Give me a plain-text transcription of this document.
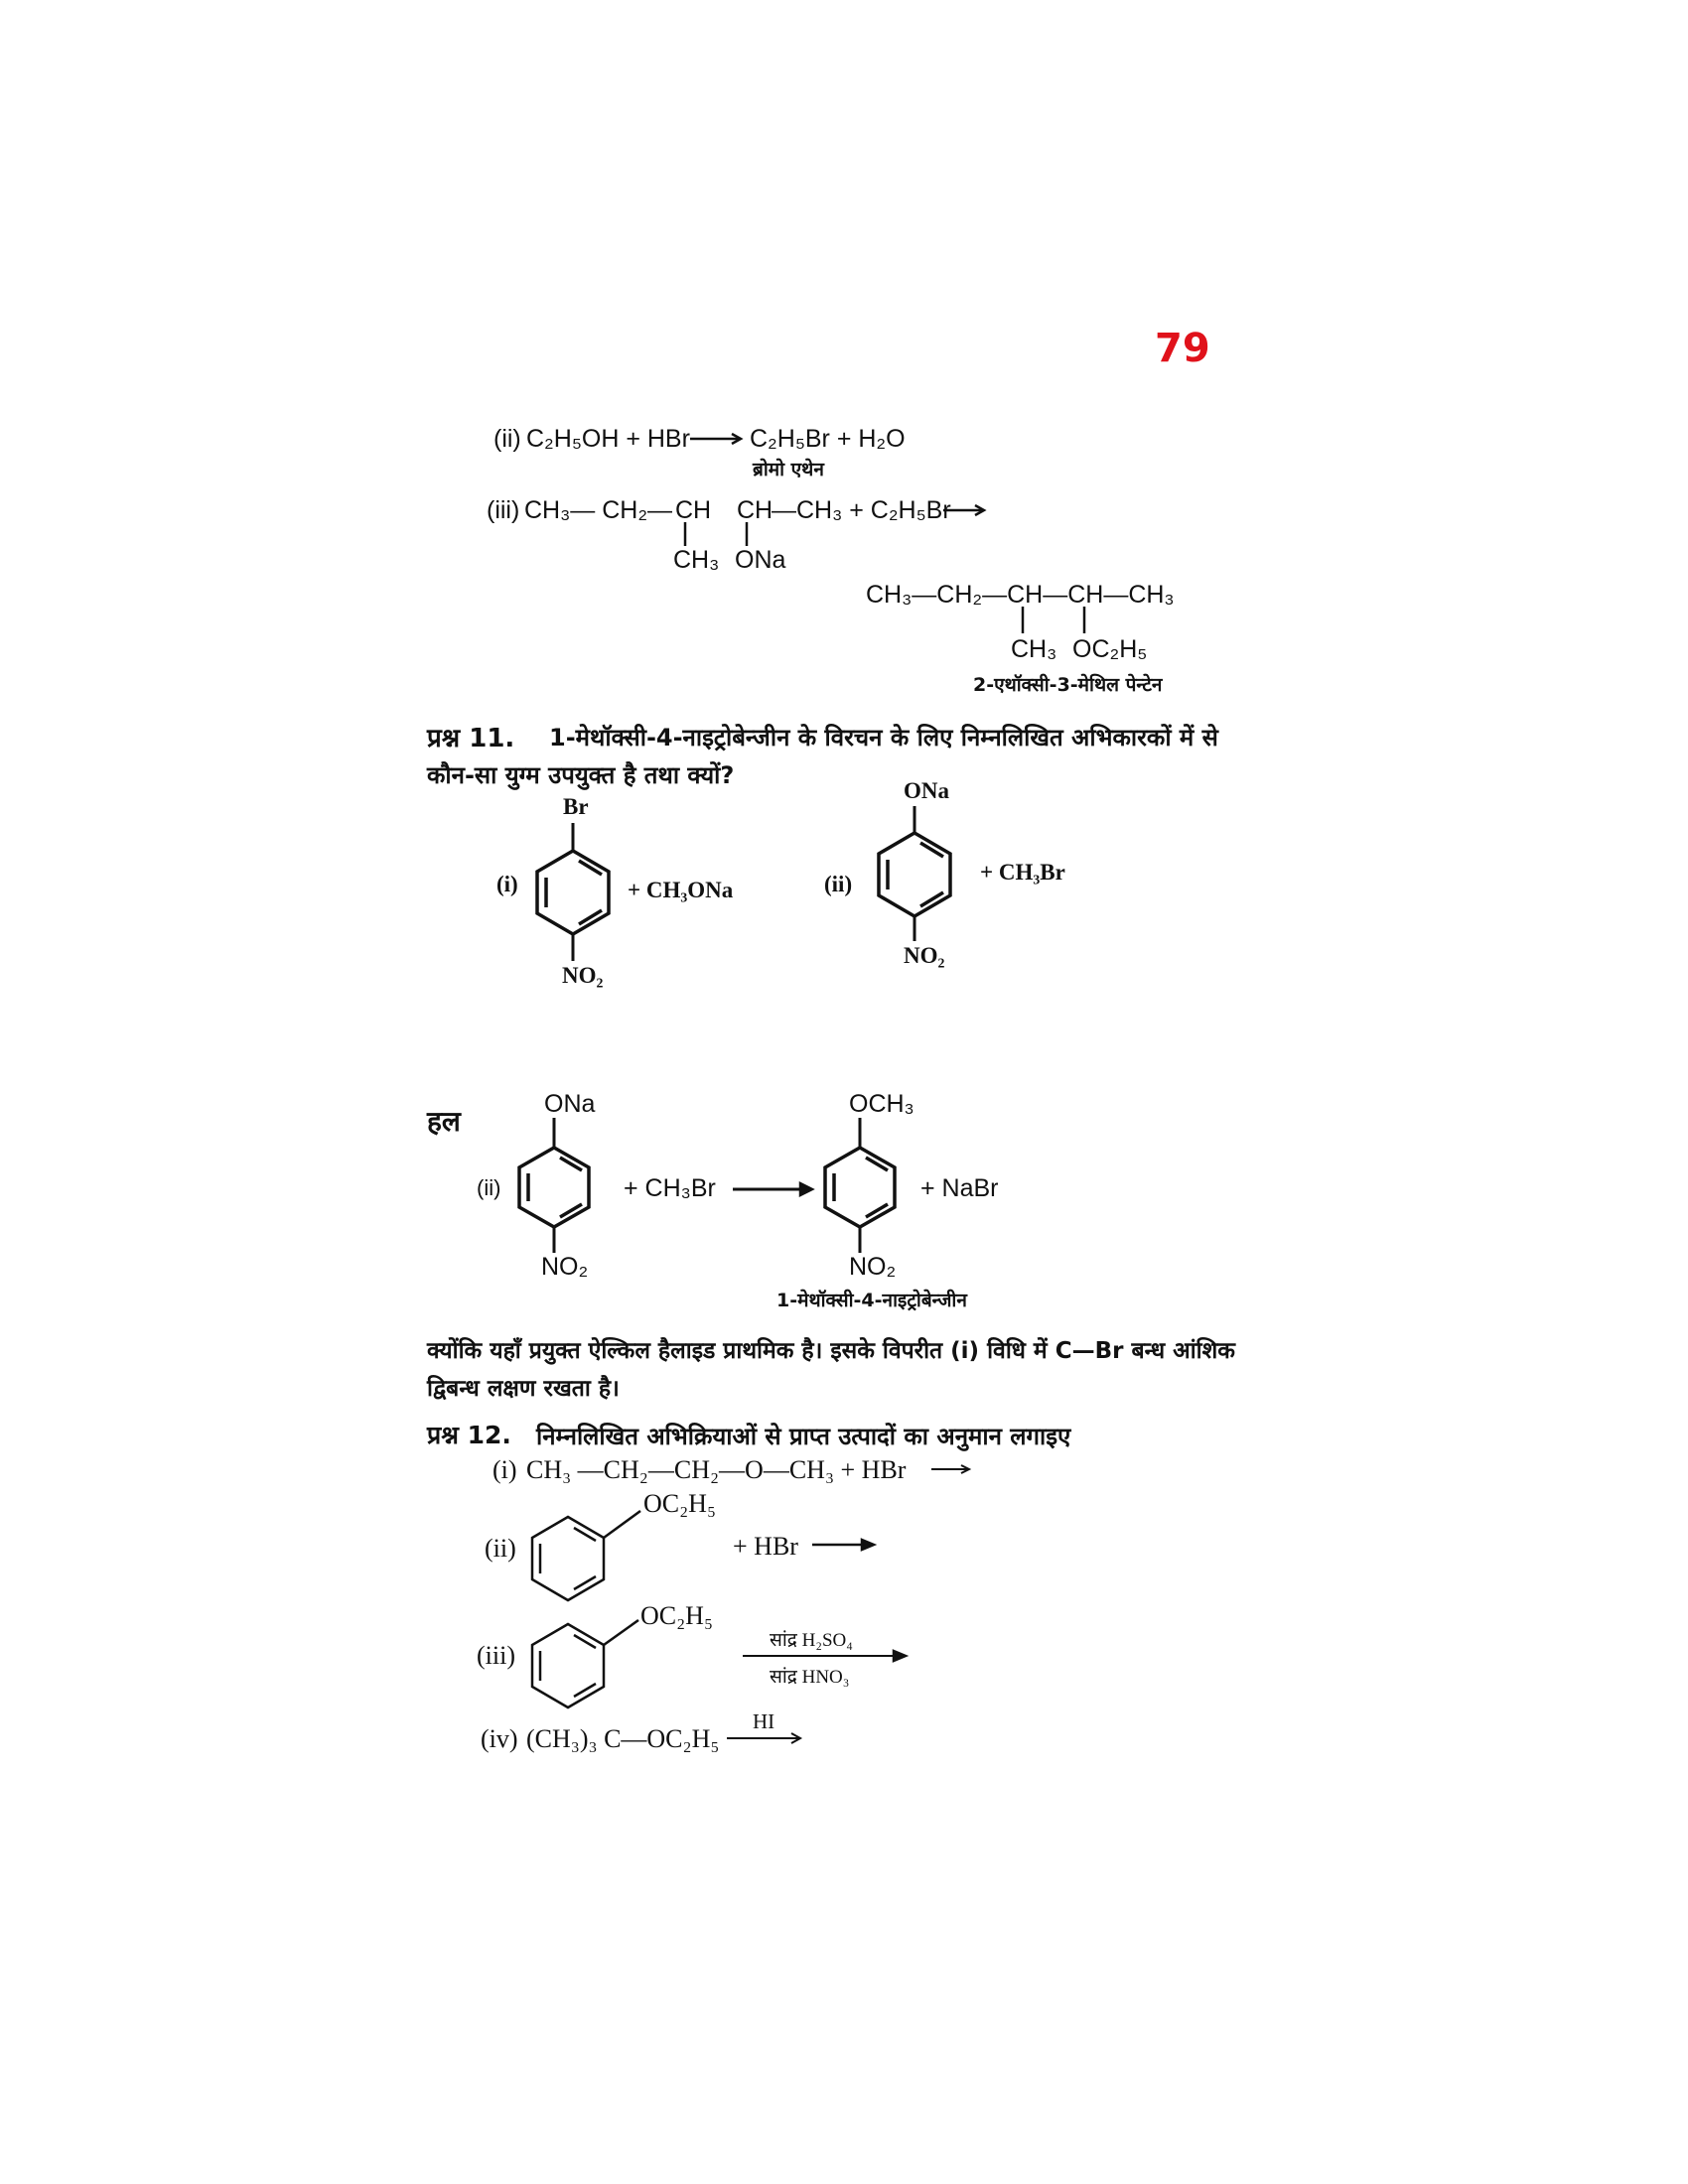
79
(ii) C₂H₅OH + HBr C₂H₅Br + H₂O
ब्रोमो एथेन
(iii) CH₃— CH₂— CH CH
—CH₃ + C₂H₅Br
CH₃ ONa
CH₃—CH₂—CH—CH—CH₃
CH₃ OC₂H₅
2-एथॉक्सी-3-मेथिल पेन्टेन
प्रश्न 11. 1-मेथॉक्सी-4-नाइट्रोबेन्जीन के विरचन के लिए निम्नलिखित अभिकारकों में से
कौन-सा युग्म उपयुक्त है तथा क्यों?
(i)
Br
NO₂
+ CH₃ONa	(ii)
ONa
NO₂
+ CH₃Br
हल
(ii)
ONa
NO₂
+ CH₃Br
OCH₃
NO₂
+ NaBr
1-मेथॉक्सी-4-नाइट्रोबेन्जीन
क्योंकि यहाँ प्रयुक्त ऐल्किल हैलाइड प्राथमिक है। इसके विपरीत (i) विधि में C—Br बन्ध आंशिक
द्विबन्ध लक्षण रखता है।
प्रश्न 12. निम्नलिखित अभिक्रियाओं से प्राप्त उत्पादों का अनुमान लगाइए
(i) CH₃ —CH₂—CH₂—O—CH₃ + HBr
(ii)
OC₂H₅
+ HBr
(iii)
OC₂H₅
सांद्र H₂SO₄
सांद्र HNO₃
(iv) (CH₃)₃ C—OC₂H₅
HI
